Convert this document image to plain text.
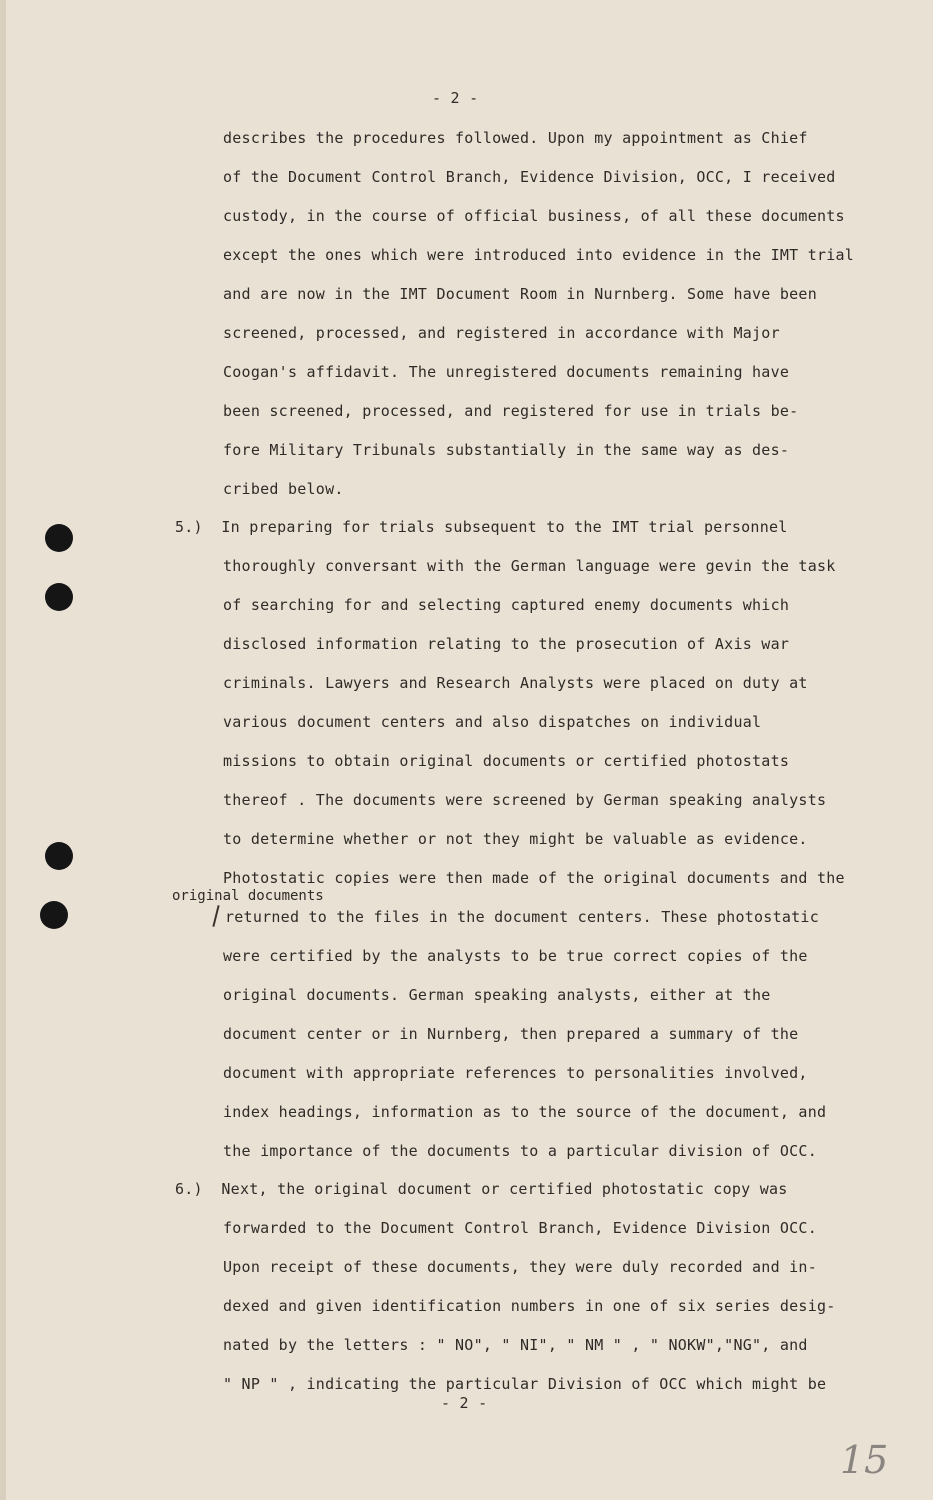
- 2 -
describes the procedures followed. Upon my appointment as Chief
of the Document Control Branch, Evidence Division, OCC, I received
custody, in the course of official business, of all these documents
except the ones which were introduced into evidence in the IMT trial
and are now in the IMT Document Room in Nurnberg. Some have been
screened, processed, and registered in accordance with Major
Coogan's affidavit. The unregistered documents remaining have
been screened, processed, and registered for use in trials be-
fore Military Tribunals substantially in the same way as des-
cribed below.
5.)  In preparing for trials subsequent to the IMT trial personnel
thoroughly conversant with the German language were gevin the task
of searching for and selecting captured enemy documents which
disclosed information relating to the prosecution of Axis war
criminals. Lawyers and Research Analysts were placed on duty at
various document centers and also dispatches on individual
missions to obtain original documents or certified photostats
thereof . The documents were screened by German speaking analysts
to determine whether or not they might be valuable as evidence.
Photostatic copies were then made of the original documents and the
original documents
returned to the files in the document centers. These photostatic
were certified by the analysts to be true correct copies of the
original documents. German speaking analysts, either at the
document center or in Nurnberg, then prepared a summary of the
document with appropriate references to personalities involved,
index headings, information as to the source of the document, and
the importance of the documents to a particular division of OCC.
6.)  Next, the original document or certified photostatic copy was
forwarded to the Document Control Branch, Evidence Division OCC.
Upon receipt of these documents, they were duly recorded and in-
dexed and given identification numbers in one of six series desig-
nated by the letters : " NO", " NI", " NM " , " NOKW","NG", and
" NP " , indicating the particular Division of OCC which might be
- 2 -
15
